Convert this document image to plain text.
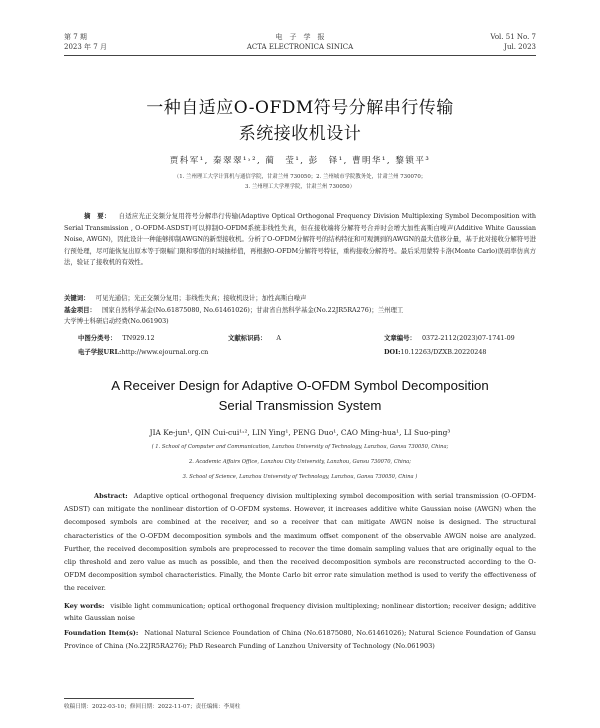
第 7 期
2023 年 7 月
电　子　学　报
ACTA ELECTRONICA SINICA
Vol. 51 No. 7
Jul. 2023
一种自适应O-OFDM符号分解串行传输
系统接收机设计
贾科军¹, 秦翠翠¹˒², 蔺　莹¹, 彭　铎¹, 曹明华¹, 黎锁平³
（1. 兰州理工大学计算机与通信学院，甘肃兰州 730050；2. 兰州城市学院教务处，甘肃兰州 730070；
3. 兰州理工大学理学院，甘肃兰州 730050）
摘　要： 自适应光正交频分复用符号分解串行传输(Adaptive Optical Orthogonal Frequency Division Multiplexing Symbol Decomposition with Serial Transmission , O-OFDM-ASDST)可以抑制O-OFDM系统非线性失真，但在接收端将分解符号合并时会增大加性高斯白噪声(Additive White Gaussian Noise, AWGN)，因此设计一种能够抑制AWGN的新型接收机。分析了O-OFDM分解符号的结构特征和可观测到的AWGN的最大值移分量，基于此对接收分解符号进行预处理，尽可能恢复出原本等于限幅门限和零值的时域抽样值，再根据O-OFDM分解符号特征，重构接收分解符号。最后采用蒙特卡洛(Monte Carlo)误码率仿真方法，验证了接收机的有效性。
关键词： 可见光通信；光正交频分复用；非线性失真；接收机设计；加性高斯白噪声
基金项目： 国家自然科学基金(No.61875080, No.61461026)；甘肃省自然科学基金(No.22JR5RA276)；兰州理工
大学博士科研启动经费(No.061903)
中图分类号： TN929.12	文献标识码： A	文章编号： 0372-2112(2023)07-1741-09
电子学报URL:http://www.ejournal.org.cn	DOI:10.12263/DZXB.20220248
A Receiver Design for Adaptive O-OFDM Symbol Decomposition
Serial Transmission System
JIA Ke-jun¹, QIN Cui-cui¹˒², LIN Ying¹, PENG Duo¹, CAO Ming-hua¹, LI Suo-ping³
( 1. School of Computer and Communication, Lanzhou University of Technology, Lanzhou, Gansu 730050, China;
2. Academic Affairs Office, Lanzhou City University, Lanzhou, Gansu 730070, China;
3. School of Science, Lanzhou University of Technology, Lanzhou, Gansu 730050, China )
Abstract: Adaptive optical orthogonal frequency division multiplexing symbol decomposition with serial transmission (O-OFDM-ASDST) can mitigate the nonlinear distortion of O-OFDM systems. However, it increases additive white Gaussian noise (AWGN) when the decomposed symbols are combined at the receiver, and so a receiver that can mitigate AWGN noise is designed. The structural characteristics of the O-OFDM decomposition symbols and the maximum offset component of the observable AWGN noise are analyzed. Further, the received decomposition symbols are preprocessed to recover the time domain sampling values that are originally equal to the clip threshold and zero value as much as possible, and then the received decomposition symbols are reconstructed according to the O-OFDM decomposition symbol characteristics. Finally, the Monte Carlo bit error rate simulation method is used to verify the effectiveness of the receiver.
Key words: visible light communication; optical orthogonal frequency division multiplexing; nonlinear distortion; receiver design; additive white Gaussian noise
Foundation Item(s): National Natural Science Foundation of China (No.61875080, No.61461026); Natural Science Foundation of Gansu Province of China (No.22JR5RA276); PhD Research Funding of Lanzhou University of Technology (No.061903)
收稿日期：2022-03-10；修回日期：2022-11-07；责任编辑：李周柱
